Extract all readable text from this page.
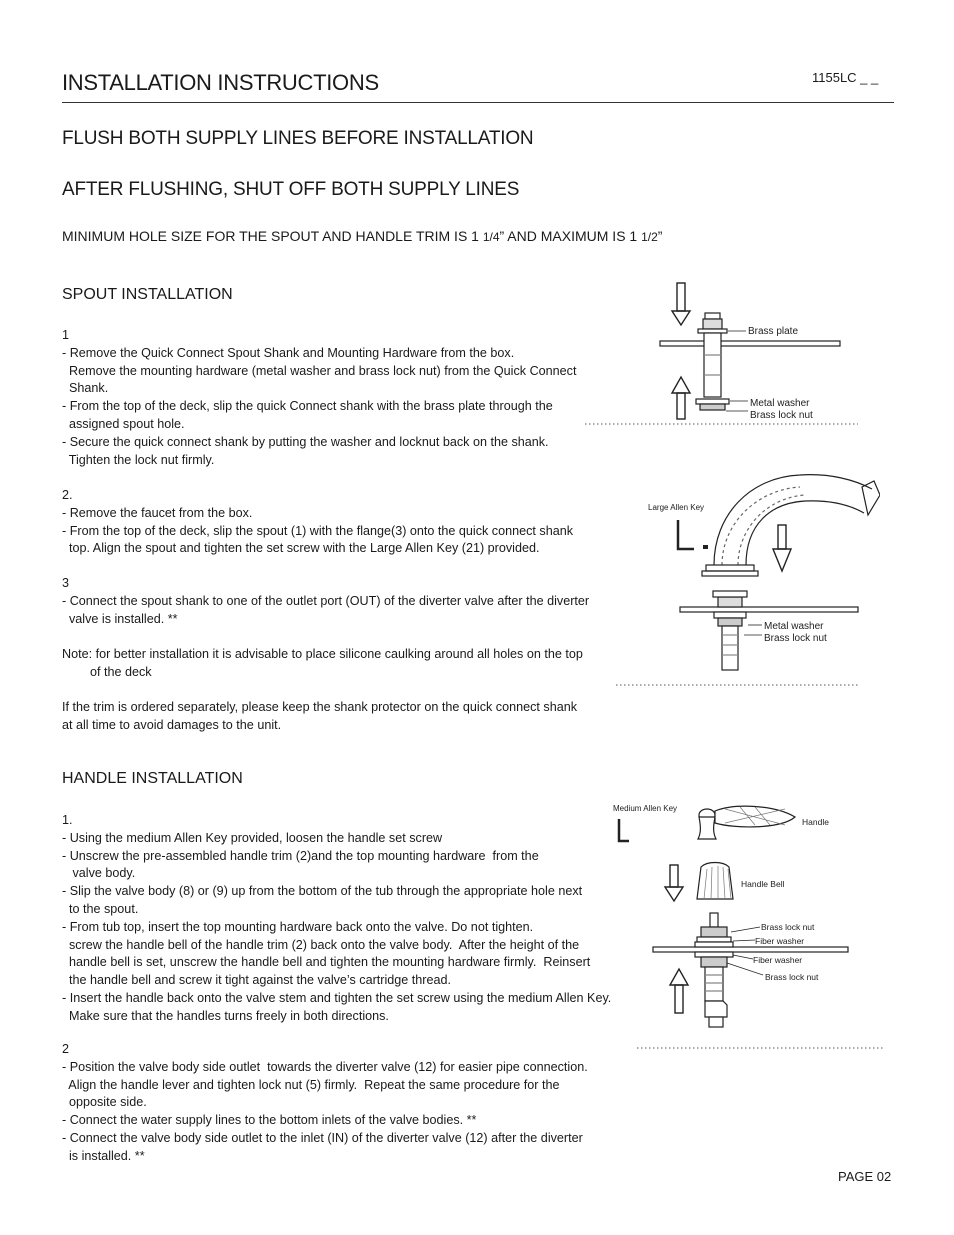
INSTALLATION INSTRUCTIONS	1155LC _ _
FLUSH BOTH SUPPLY LINES BEFORE INSTALLATION
AFTER FLUSHING, SHUT OFF BOTH SUPPLY LINES
MINIMUM HOLE SIZE FOR THE SPOUT AND HANDLE TRIM IS 1 1/4” AND MAXIMUM IS 1 1/2”
SPOUT INSTALLATION
1
- Remove the Quick Connect Spout Shank and Mounting Hardware from the box.
Remove the mounting hardware (metal washer and brass lock nut) from the Quick Connect
Shank.
- From the top of the deck, slip the quick Connect shank with the brass plate through the
assigned spout hole.
- Secure the quick connect shank by putting the washer and locknut back on the shank.
Tighten the lock nut firmly.
2.
- Remove the faucet from the box.
- From the top of the deck, slip the spout (1) with the flange(3) onto the quick connect shank
top. Align the spout and tighten the set screw with the Large Allen Key (21) provided.
3
- Connect the spout shank to one of the outlet port (OUT) of the diverter valve after the diverter
valve is installed. **
Note: for better installation it is advisable to place silicone caulking around all holes on the top
of the deck
If the trim is ordered separately, please keep the shank protector on the quick connect shank
at all time to avoid damages to the unit.
HANDLE INSTALLATION
1.
- Using the medium Allen Key provided, loosen the handle set screw
- Unscrew the pre-assembled handle trim (2)and the top mounting hardware  from the
valve body.
- Slip the valve body (8) or (9) up from the bottom of the tub through the appropriate hole next
to the spout.
- From tub top, insert the top mounting hardware back onto the valve. Do not tighten.
screw the handle bell of the handle trim (2) back onto the valve body.  After the height of the
handle bell is set, unscrew the handle bell and tighten the mounting hardware firmly.  Reinsert
the handle bell and screw it tight against the valve’s cartridge thread.
- Insert the handle back onto the valve stem and tighten the set screw using the medium Allen Key.
Make sure that the handles turns freely in both directions.
2
- Position the valve body side outlet  towards the diverter valve (12) for easier pipe connection.
Align the handle lever and tighten lock nut (5) firmly.  Repeat the same procedure for the
opposite side.
- Connect the water supply lines to the bottom inlets of the valve bodies. **
- Connect the valve body side outlet to the inlet (IN) of the diverter valve (12) after the diverter
is installed. **
PAGE 02
Brass plate
Metal washer
Brass lock nut
Large Allen Key
Metal washer
Brass lock nut
Medium Allen Key
Handle
Handle Bell
Brass lock nut
Fiber washer
Fiber washer
Brass lock nut
